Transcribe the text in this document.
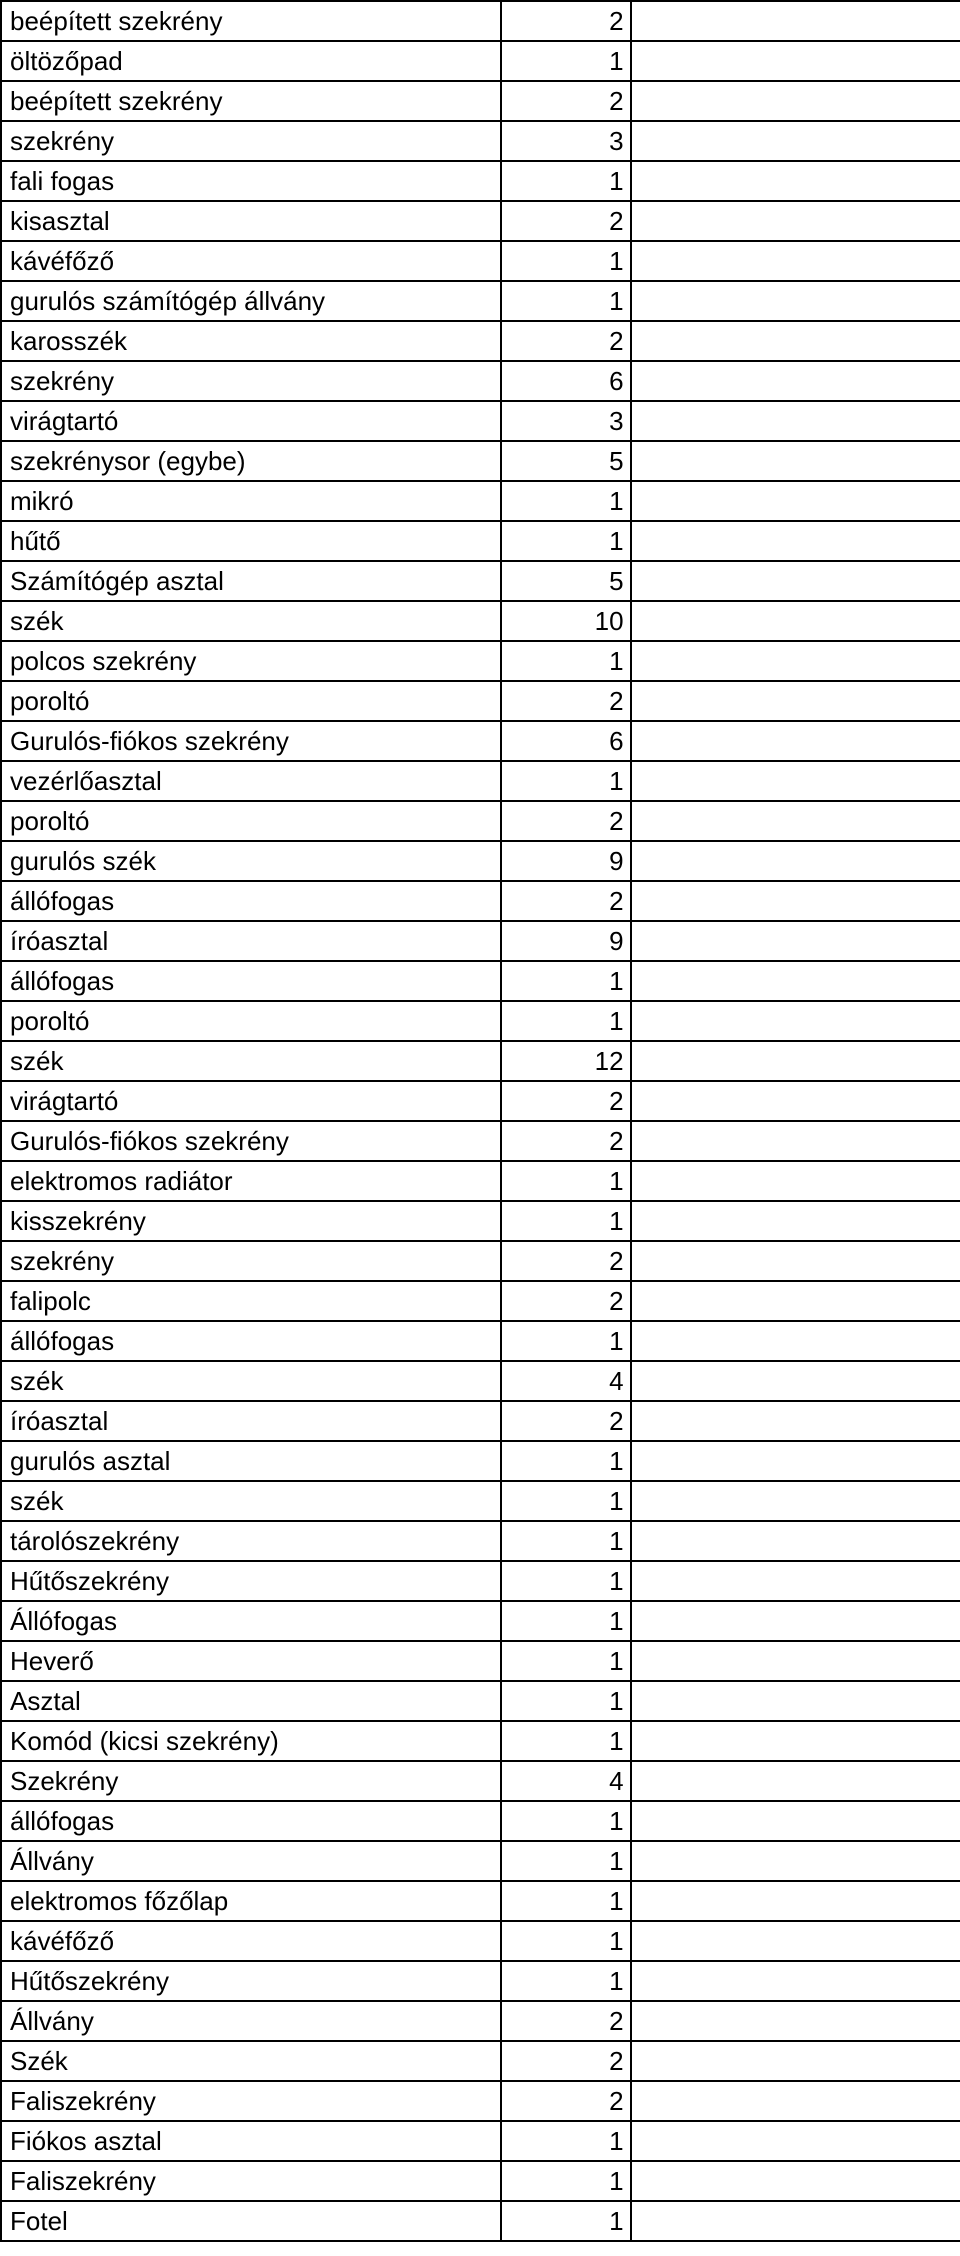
beépített szekrény	2	
öltözőpad	1	
beépített szekrény	2	
szekrény	3	
fali fogas	1	
kisasztal	2	
kávéfőző	1	
gurulós számítógép állvány	1	
karosszék	2	
szekrény	6	
virágtartó	3	
szekrénysor (egybe)	5	
mikró	1	
hűtő	1	
Számítógép asztal	5	
szék	10	
polcos szekrény	1	
poroltó	2	
Gurulós-fiókos szekrény	6	
vezérlőasztal	1	
poroltó	2	
gurulós szék	9	
állófogas	2	
íróasztal	9	
állófogas	1	
poroltó	1	
szék	12	
virágtartó	2	
Gurulós-fiókos szekrény	2	
elektromos radiátor	1	
kisszekrény	1	
szekrény	2	
falipolc	2	
állófogas	1	
szék	4	
íróasztal	2	
gurulós asztal	1	
szék	1	
tárolószekrény	1	
Hűtőszekrény	1	
Állófogas	1	
Heverő	1	
Asztal	1	
Komód (kicsi szekrény)	1	
Szekrény	4	
állófogas	1	
Állvány	1	
elektromos főzőlap	1	
kávéfőző	1	
Hűtőszekrény	1	
Állvány	2	
Szék	2	
Faliszekrény	2	
Fiókos asztal	1	
Faliszekrény	1	
Fotel	1	
